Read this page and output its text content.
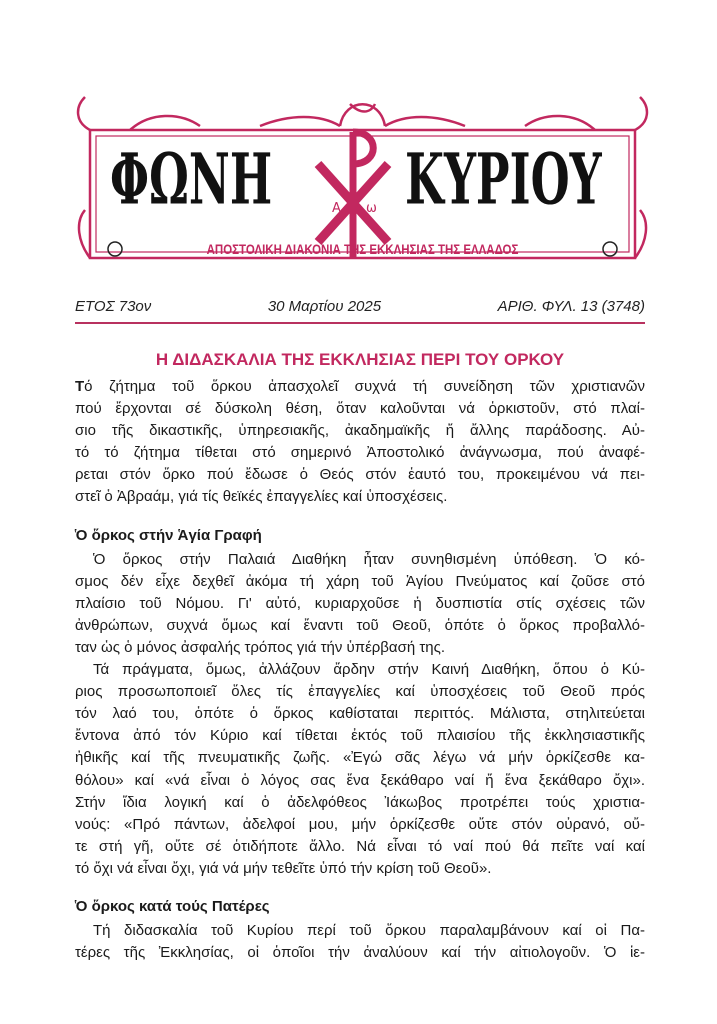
Α ω
ΦΩΝΗ ΚΥΡΙΟΥ
ΑΠΟΣΤΟΛΙΚΗ ΔΙΑΚΟΝΙΑ ΤΗΣ ΕΚΚΛΗΣΙΑΣ ΤΗΣ ΕΛΛΑΔΟΣ
ΕΤΟΣ 73ον	30 Μαρτίου 2025	ΑΡΙΘ. ΦΥΛ. 13 (3748)
Η ΔΙΔΑΣΚΑΛΙΑ ΤΗΣ ΕΚΚΛΗΣΙΑΣ ΠΕΡΙ ΤΟΥ ΟΡΚΟΥ
Τό ζήτημα τοῦ ὅρκου ἀπασχολεῖ συχνά τή συνείδηση τῶν χριστιανῶν
πού ἔρχονται σέ δύσκολη θέση, ὅταν καλοῦνται νά ὁρκιστοῦν, στό πλαί-
σιο τῆς δικαστικῆς, ὑπηρεσιακῆς, ἀκαδημαϊκῆς ἤ ἄλλης παράδοσης. Αὐ-
τό τό ζήτημα τίθεται στό σημερινό Ἀποστολικό ἀνάγνωσμα, πού ἀναφέ-
ρεται στόν ὅρκο πού ἔδωσε ὁ Θεός στόν ἑαυτό του, προκειμένου νά πει-
στεῖ ὁ Ἀβραάμ, γιά τίς θεϊκές ἐπαγγελίες καί ὑποσχέσεις.
Ὁ ὅρκος στήν Ἁγία Γραφή
Ὁ ὅρκος στήν Παλαιά Διαθήκη ἦταν συνηθισμένη ὑπόθεση. Ὁ κό-
σμος δέν εἶχε δεχθεῖ ἀκόμα τή χάρη τοῦ Ἁγίου Πνεύματος καί ζοῦσε στό
πλαίσιο τοῦ Νόμου. Γι' αὐτό, κυριαρχοῦσε ἡ δυσπιστία στίς σχέσεις τῶν
ἀνθρώπων, συχνά ὅμως καί ἔναντι τοῦ Θεοῦ, ὁπότε ὁ ὅρκος προβαλλό-
ταν ὡς ὁ μόνος ἀσφαλής τρόπος γιά τήν ὑπέρβασή της.
Τά πράγματα, ὅμως, ἀλλάζουν ἄρδην στήν Καινή Διαθήκη, ὅπου ὁ Κύ-
ριος προσωποποιεῖ ὅλες τίς ἐπαγγελίες καί ὑποσχέσεις τοῦ Θεοῦ πρός
τόν λαό του, ὁπότε ὁ ὅρκος καθίσταται περιττός. Μάλιστα, στηλιτεύεται
ἔντονα ἀπό τόν Κύριο καί τίθεται ἐκτός τοῦ πλαισίου τῆς ἐκκλησιαστικῆς
ἠθικῆς καί τῆς πνευματικῆς ζωῆς. «Ἐγώ σᾶς λέγω νά μήν ὁρκίζεσθε κα-
θόλου» καί «νά εἶναι ὁ λόγος σας ἕνα ξεκάθαρο ναί ἤ ἕνα ξεκάθαρο ὄχι».
Στήν ἴδια λογική καί ὁ ἀδελφόθεος Ἰάκωβος προτρέπει τούς χριστια-
νούς: «Πρό πάντων, ἀδελφοί μου, μήν ὁρκίζεσθε οὔτε στόν οὐρανό, οὔ-
τε στή γῆ, οὔτε σέ ὁτιδήποτε ἄλλο. Νά εἶναι τό ναί πού θά πεῖτε ναί καί
τό ὄχι νά εἶναι ὄχι, γιά νά μήν τεθεῖτε ὑπό τήν κρίση τοῦ Θεοῦ».
Ὁ ὅρκος κατά τούς Πατέρες
Τή διδασκαλία τοῦ Κυρίου περί τοῦ ὅρκου παραλαμβάνουν καί οἱ Πα-
τέρες τῆς Ἐκκλησίας, οἱ ὁποῖοι τήν ἀναλύουν καί τήν αἰτιολογοῦν. Ὁ ἱε-
